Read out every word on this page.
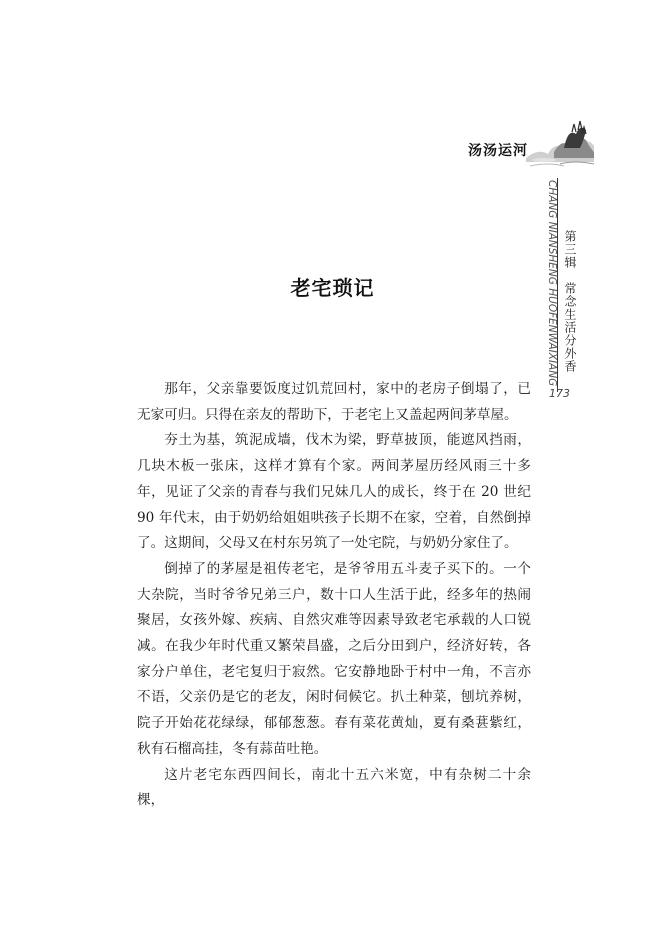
汤汤运河
CHANG NIANSHENG HUOFENWAIXIANG 第三辑　常念生活分外香
173
老宅琐记

那年，父亲靠要饭度过饥荒回村，家中的老房子倒塌了，已无家可归。只得在亲友的帮助下，于老宅上又盖起两间茅草屋。

夯土为基，筑泥成墙，伐木为梁，野草披顶，能遮风挡雨，几块木板一张床，这样才算有个家。两间茅屋历经风雨三十多年，见证了父亲的青春与我们兄妹几人的成长，终于在 20 世纪 90 年代末，由于奶奶给姐姐哄孩子长期不在家，空着，自然倒掉了。这期间，父母又在村东另筑了一处宅院，与奶奶分家住了。

倒掉了的茅屋是祖传老宅，是爷爷用五斗麦子买下的。一个大杂院，当时爷爷兄弟三户，数十口人生活于此，经多年的热闹聚居，女孩外嫁、疾病、自然灾难等因素导致老宅承载的人口锐减。在我少年时代重又繁荣昌盛，之后分田到户，经济好转，各家分户单住，老宅复归于寂然。它安静地卧于村中一角，不言亦不语，父亲仍是它的老友，闲时伺候它。扒土种菜，刨坑养树，院子开始花花绿绿，郁郁葱葱。春有菜花黄灿，夏有桑葚紫红，秋有石榴高挂，冬有蒜苗吐艳。

这片老宅东西四间长，南北十五六米宽，中有杂树二十余棵，
